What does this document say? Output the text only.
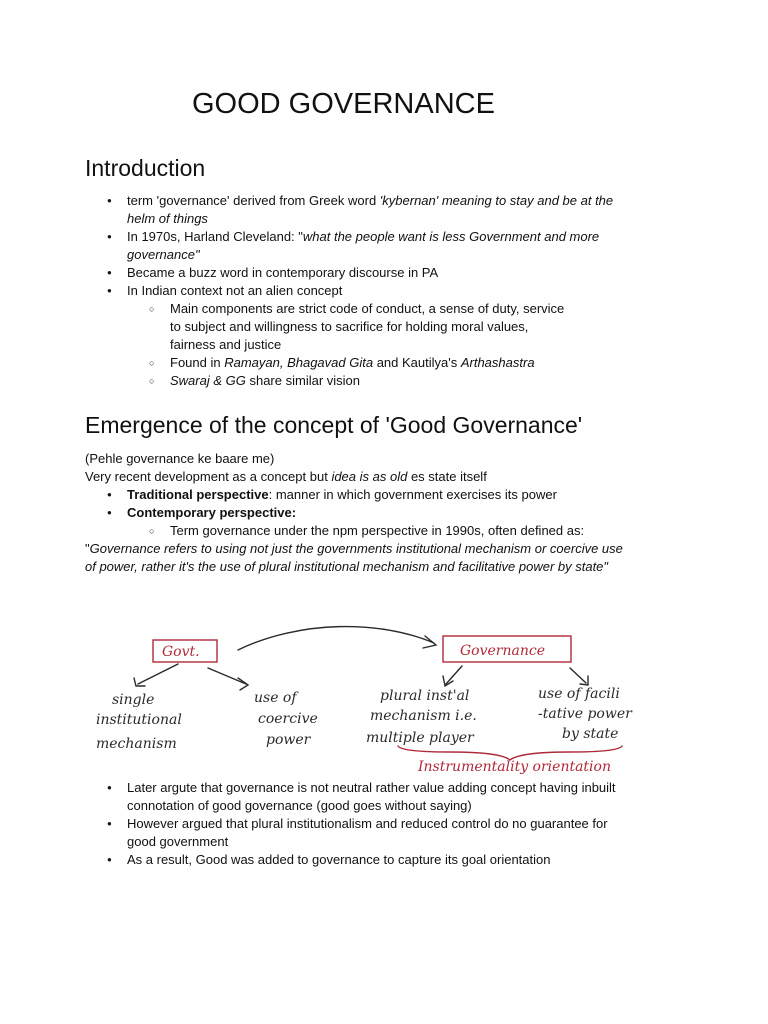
GOOD GOVERNANCE
Introduction
● term 'governance' derived from Greek word 'kybernan' meaning to stay and be at the helm of things
● In 1970s, Harland Cleveland: "what the people want is less Government and more governance"
● Became a buzz word in contemporary discourse in PA
● In Indian context not an alien concept
○ Main components are strict code of conduct, a sense of duty, service to subject and willingness to sacrifice for holding moral values, fairness and justice
○ Found in Ramayan, Bhagavad Gita and Kautilya's Arthashastra
○ Swaraj & GG share similar vision
Emergence of the concept of 'Good Governance'

(Pehle governance ke baare me)

Very recent development as a concept but idea is as old es state itself

● Traditional perspective: manner in which government exercises its power
● Contemporary perspective:
○ Term governance under the npm perspective in 1990s, often defined as:

"Governance refers to using not just the governments institutional mechanism or coercive use of power, rather it's the use of plural institutional mechanism and facilitative power by state"

Govt.	Governance
single
institutional
mechanism
use of
coercive
power
plural inst'al
mechanism i.e.
multiple player
use of facili
-tative power
by state
Instrumentality orientation
● Later argute that governance is not neutral rather value adding concept having inbuilt connotation of good governance (good goes without saying)
● However argued that plural institutionalism and reduced control do no guarantee for good government
● As a result, Good was added to governance to capture its goal orientation
